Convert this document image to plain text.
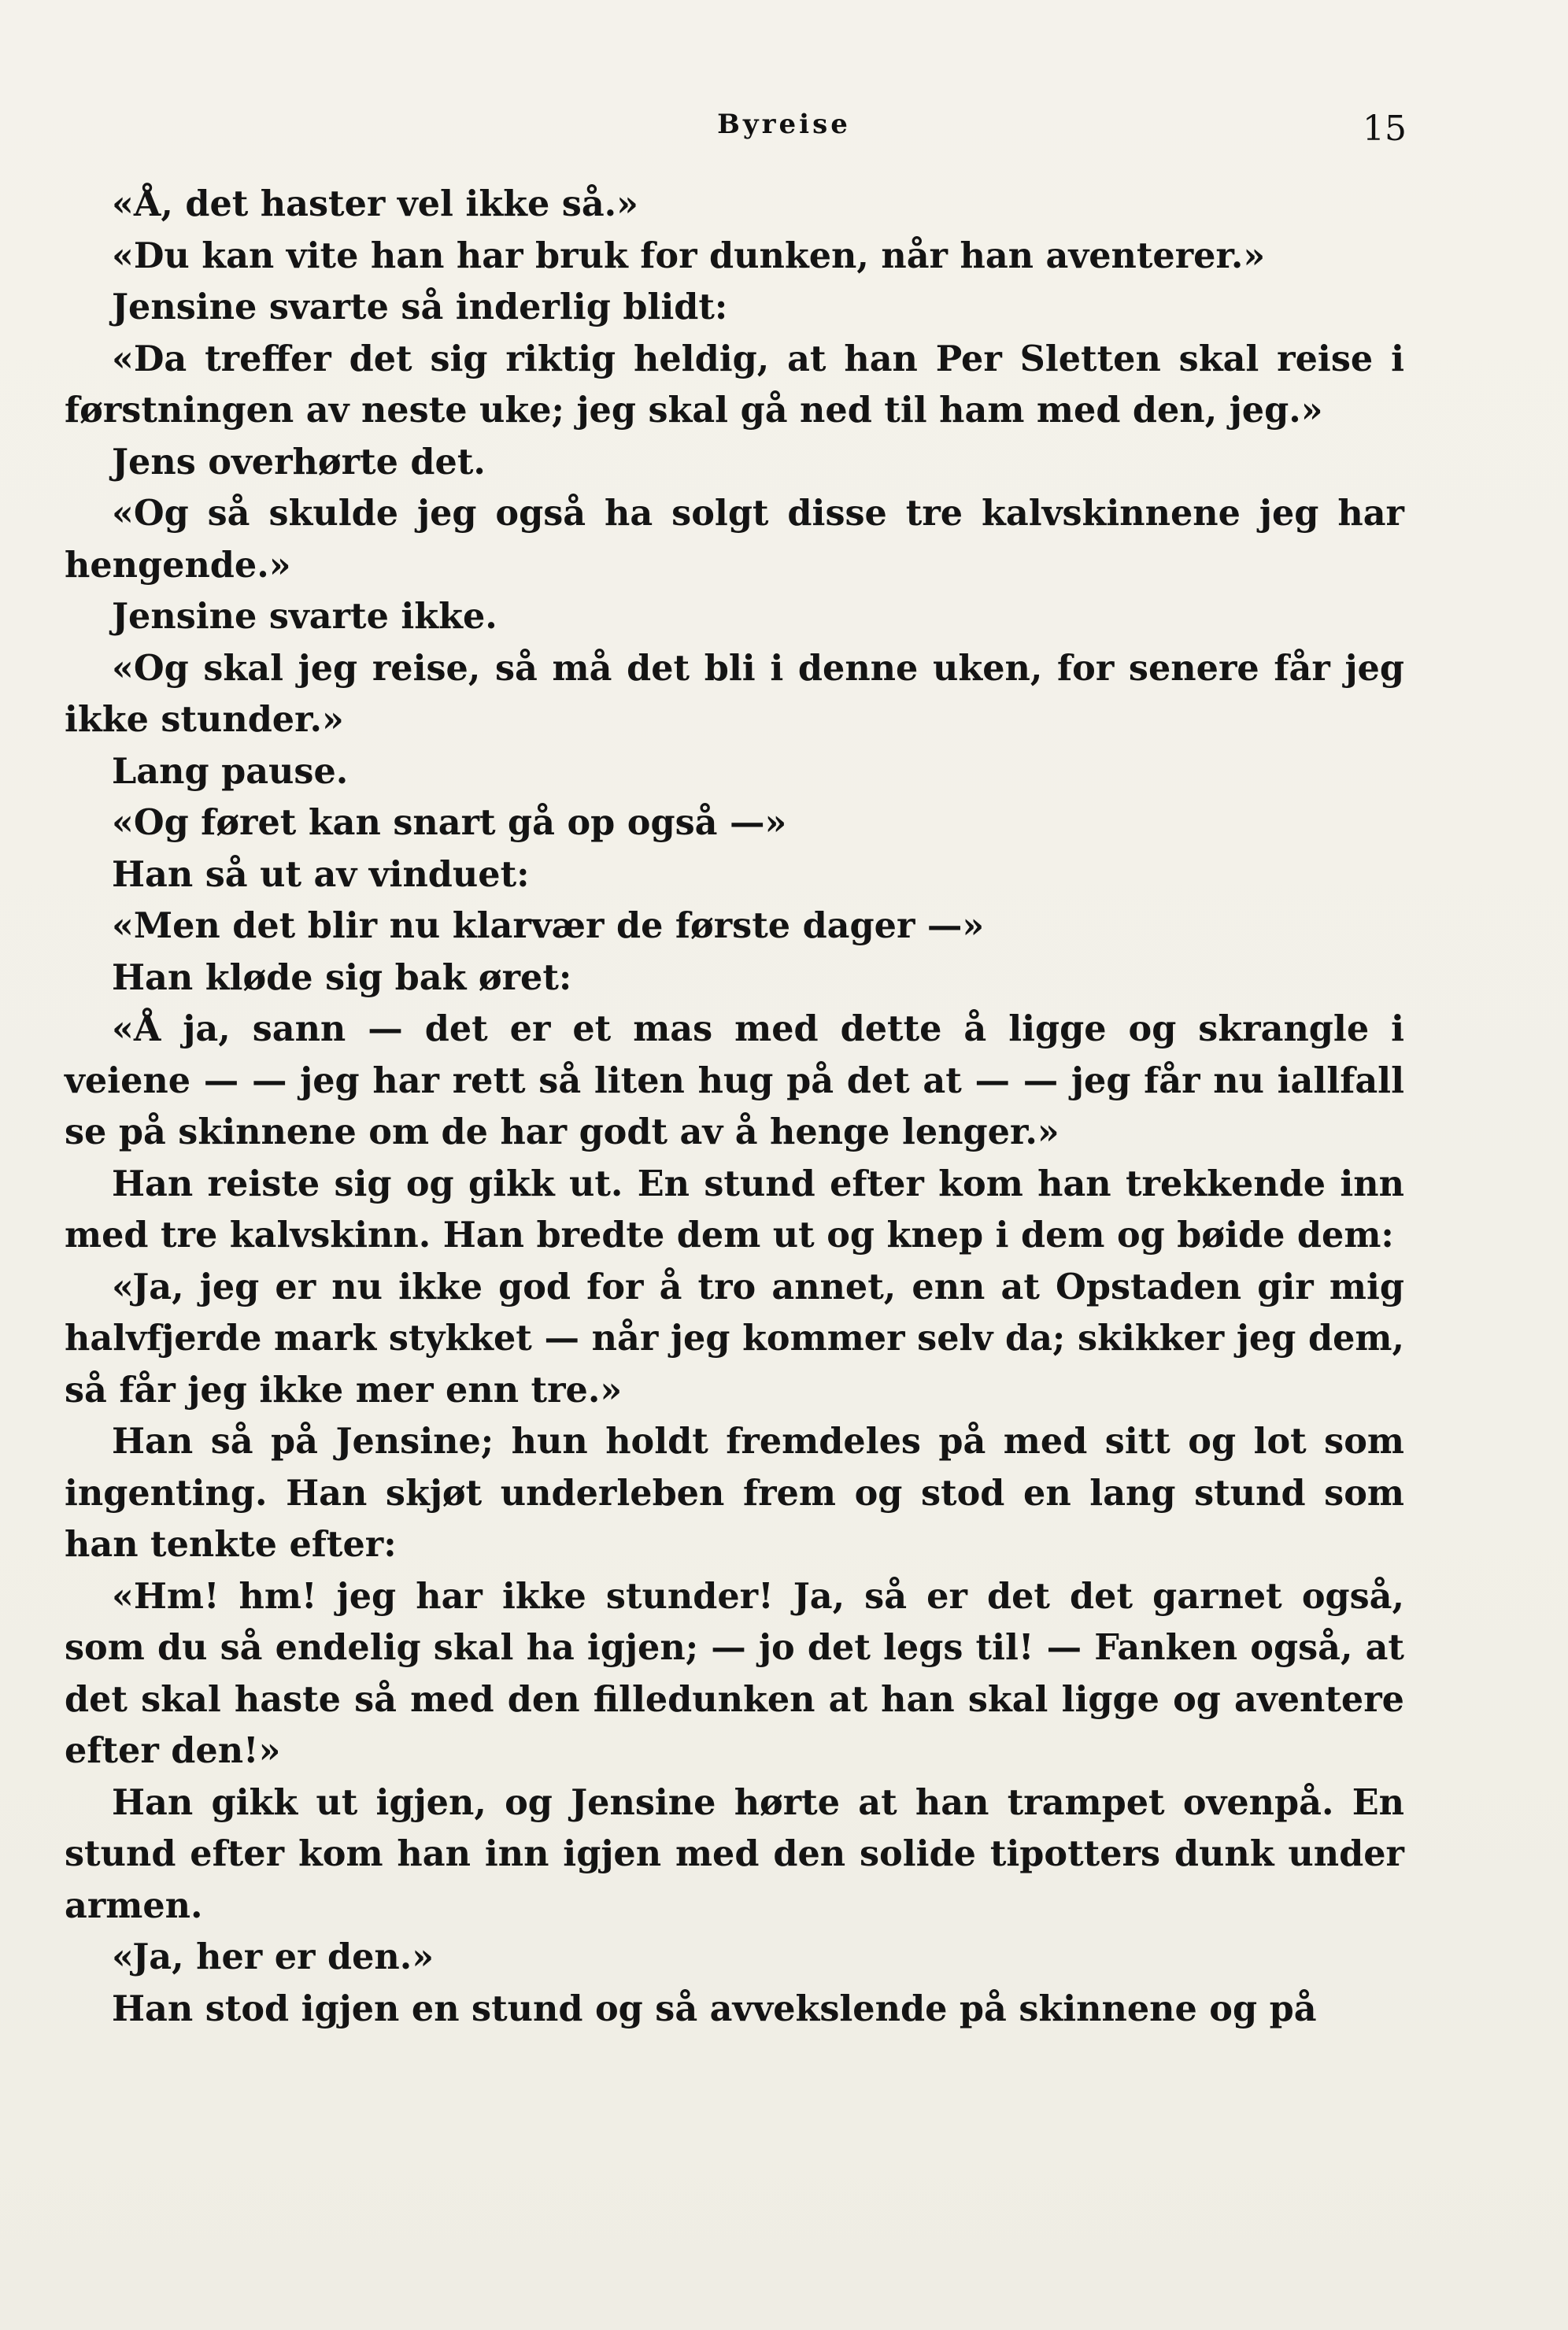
Byreise	15

«Å, det haster vel ikke så.»

«Du kan vite han har bruk for dunken, når han aventerer.»

Jensine svarte så inderlig blidt:

«Da treffer det sig riktig heldig, at han Per Sletten skal reise i førstningen av neste uke; jeg skal gå ned til ham med den, jeg.»

Jens overhørte det.

«Og så skulde jeg også ha solgt disse tre kalvskinnene jeg har hengende.»

Jensine svarte ikke.

«Og skal jeg reise, så må det bli i denne uken, for senere får jeg ikke stunder.»

Lang pause.

«Og føret kan snart gå op også —»

Han så ut av vinduet:

«Men det blir nu klarvær de første dager —»

Han kløde sig bak øret:

«Å ja, sann — det er et mas med dette å ligge og skrangle i veiene — — jeg har rett så liten hug på det at — — jeg får nu iallfall se på skinnene om de har godt av å henge lenger.»

Han reiste sig og gikk ut. En stund efter kom han trekkende inn med tre kalvskinn. Han bredte dem ut og knep i dem og bøide dem:

«Ja, jeg er nu ikke god for å tro annet, enn at Opstaden gir mig halvfjerde mark stykket — når jeg kommer selv da; skikker jeg dem, så får jeg ikke mer enn tre.»

Han så på Jensine; hun holdt fremdeles på med sitt og lot som ingenting. Han skjøt underleben frem og stod en lang stund som han tenkte efter:

«Hm! hm! jeg har ikke stunder! Ja, så er det det garnet også, som du så endelig skal ha igjen; — jo det legs til! — Fanken også, at det skal haste så med den filledunken at han skal ligge og aventere efter den!»

Han gikk ut igjen, og Jensine hørte at han trampet ovenpå. En stund efter kom han inn igjen med den solide tipotters dunk under armen.

«Ja, her er den.»

Han stod igjen en stund og så avvekslende på skinnene og på
